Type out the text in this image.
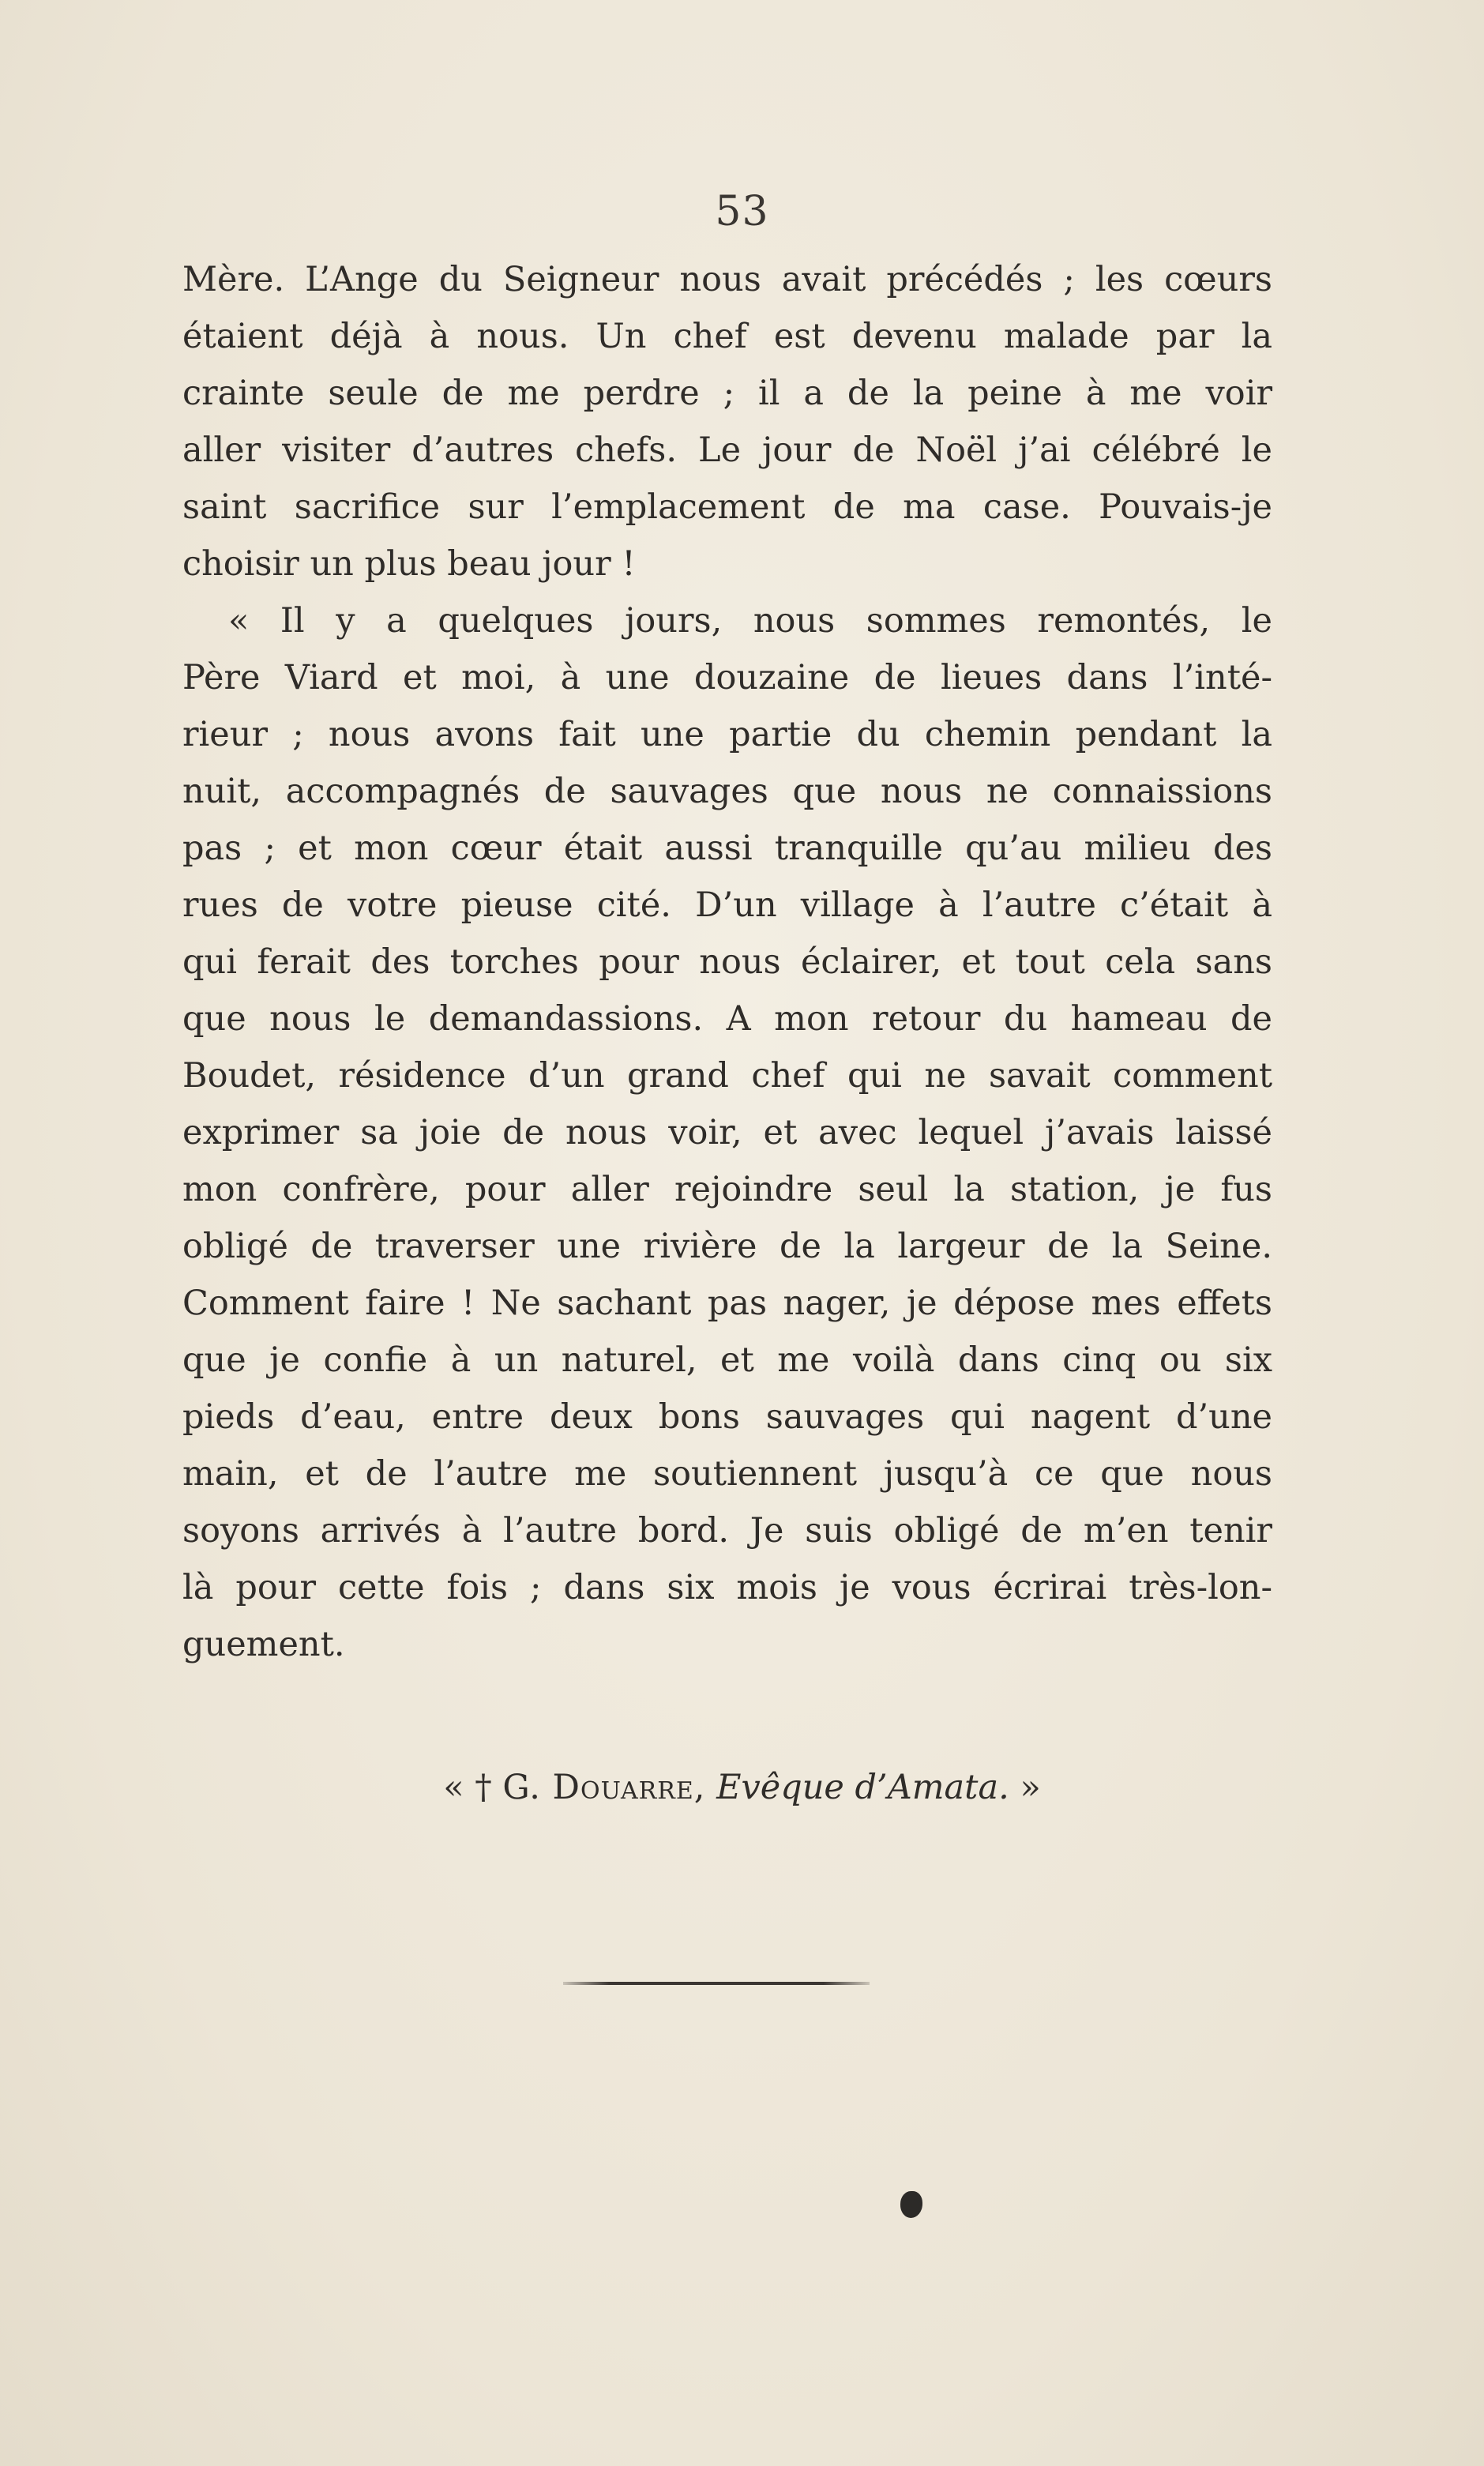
53
Mère. L’Ange du Seigneur nous avait précédés ; les cœurs
étaient déjà à nous. Un chef est devenu malade par la
crainte seule de me perdre ; il a de la peine à me voir
aller visiter d’autres chefs. Le jour de Noël j’ai célébré le
saint sacrifice sur l’emplacement de ma case. Pouvais-je
choisir un plus beau jour !
« Il y a quelques jours, nous sommes remontés, le
Père Viard et moi, à une douzaine de lieues dans l’inté-
rieur ; nous avons fait une partie du chemin pendant la
nuit, accompagnés de sauvages que nous ne connaissions
pas ; et mon cœur était aussi tranquille qu’au milieu des
rues de votre pieuse cité. D’un village à l’autre c’était à
qui ferait des torches pour nous éclairer, et tout cela sans
que nous le demandassions. A mon retour du hameau de
Boudet, résidence d’un grand chef qui ne savait comment
exprimer sa joie de nous voir, et avec lequel j’avais laissé
mon confrère, pour aller rejoindre seul la station, je fus
obligé de traverser une rivière de la largeur de la Seine.
Comment faire ! Ne sachant pas nager, je dépose mes effets
que je confie à un naturel, et me voilà dans cinq ou six
pieds d’eau, entre deux bons sauvages qui nagent d’une
main, et de l’autre me soutiennent jusqu’à ce que nous
soyons arrivés à l’autre bord. Je suis obligé de m’en tenir
là pour cette fois ; dans six mois je vous écrirai très-lon-
guement.
« † G. Douarre, Evêque d’Amata. »
